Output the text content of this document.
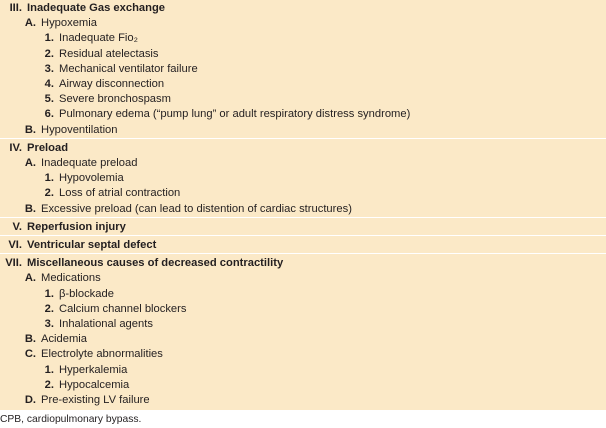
III. Inadequate Gas exchange
A. Hypoxemia
1. Inadequate Fio₂
2. Residual atelectasis
3. Mechanical ventilator failure
4. Airway disconnection
5. Severe bronchospasm
6. Pulmonary edema (“pump lung” or adult respiratory distress syndrome)
B. Hypoventilation
IV. Preload
A. Inadequate preload
1. Hypovolemia
2. Loss of atrial contraction
B. Excessive preload (can lead to distention of cardiac structures)
V. Reperfusion injury
VI. Ventricular septal defect
VII. Miscellaneous causes of decreased contractility
A. Medications
1. β-blockade
2. Calcium channel blockers
3. Inhalational agents
B. Acidemia
C. Electrolyte abnormalities
1. Hyperkalemia
2. Hypocalcemia
D. Pre-existing LV failure
CPB, cardiopulmonary bypass.
